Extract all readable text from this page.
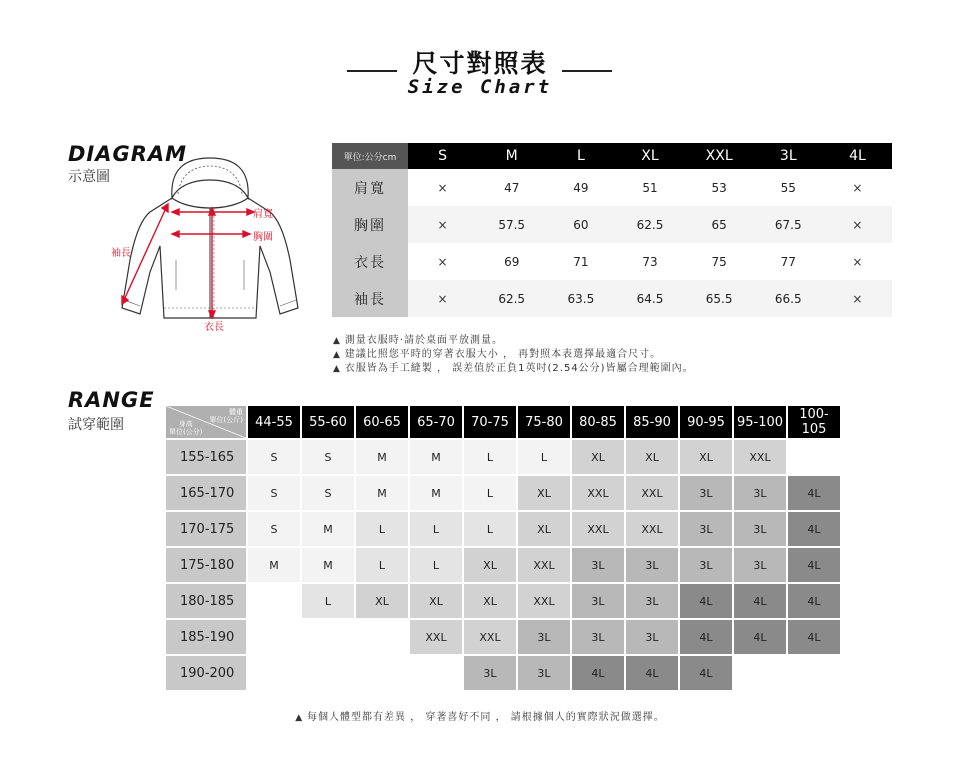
尺寸對照表
Size Chart
DIAGRAM
示意圖
肩寬
胸圍
袖長
衣長
單位:公分cm	S	M	L	XL	XXL	3L	4L
肩寬	×	47	49	51	53	55	×
胸圍	×	57.5	60	62.5	65	67.5	×
衣長	×	69	71	73	75	77	×
袖長	×	62.5	63.5	64.5	65.5	66.5	×
▲ 測量衣服時·請於桌面平放測量。
▲ 建議比照您平時的穿著衣服大小 ， 再對照本表選擇最適合尺寸。
▲ 衣服皆為手工縫製 ， 誤差值於正負1英吋(2.54公分)皆屬合理範圍內。
RANGE
試穿範圍
體重
單位(公斤)
身高
單位(公分)	44-55	55-60	60-65	65-70	70-75	75-80	80-85	85-90	90-95	95-100	100-105
155-165	S	S	M	M	L	L	XL	XL	XL	XXL	
165-170	S	S	M	M	L	XL	XXL	XXL	3L	3L	4L
170-175	S	M	L	L	L	XL	XXL	XXL	3L	3L	4L
175-180	M	M	L	L	XL	XXL	3L	3L	3L	3L	4L
180-185		L	XL	XL	XL	XXL	3L	3L	4L	4L	4L
185-190				XXL	XXL	3L	3L	3L	4L	4L	4L
190-200					3L	3L	4L	4L	4L		
▲ 每個人體型都有差異 ， 穿著喜好不同 ， 請根據個人的實際狀況做選擇。
